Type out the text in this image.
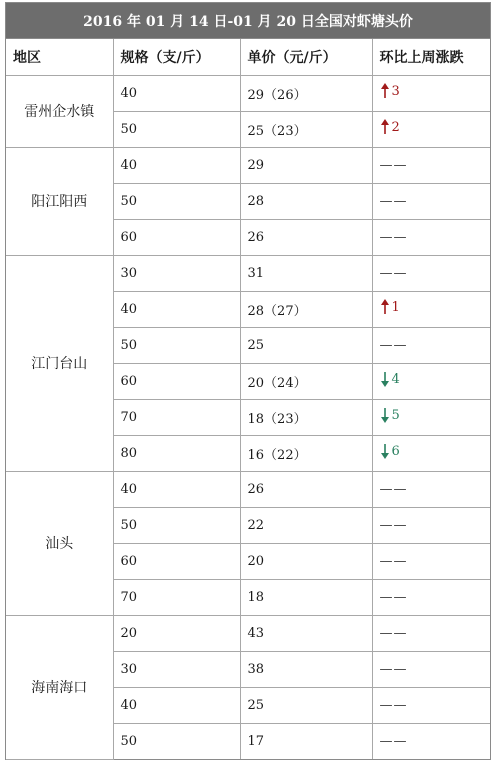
2016 年 01 月 14 日-01 月 20 日全国对虾塘头价
地区	规格（支/斤）	单价（元/斤）	环比上周涨跌
雷州企水镇	40	29（26）	3

	50	25（23）	2

阳江阳西	40	29	——

	50	28	——

	60	26	——

江门台山	30	31	——

	40	28（27）	1

	50	25	——

	60	20（24）	4

	70	18（23）	5

	80	16（22）	6

汕头	40	26	——

	50	22	——

	60	20	——

	70	18	——

海南海口	20	43	——

	30	38	——

	40	25	——

	50	17	——
